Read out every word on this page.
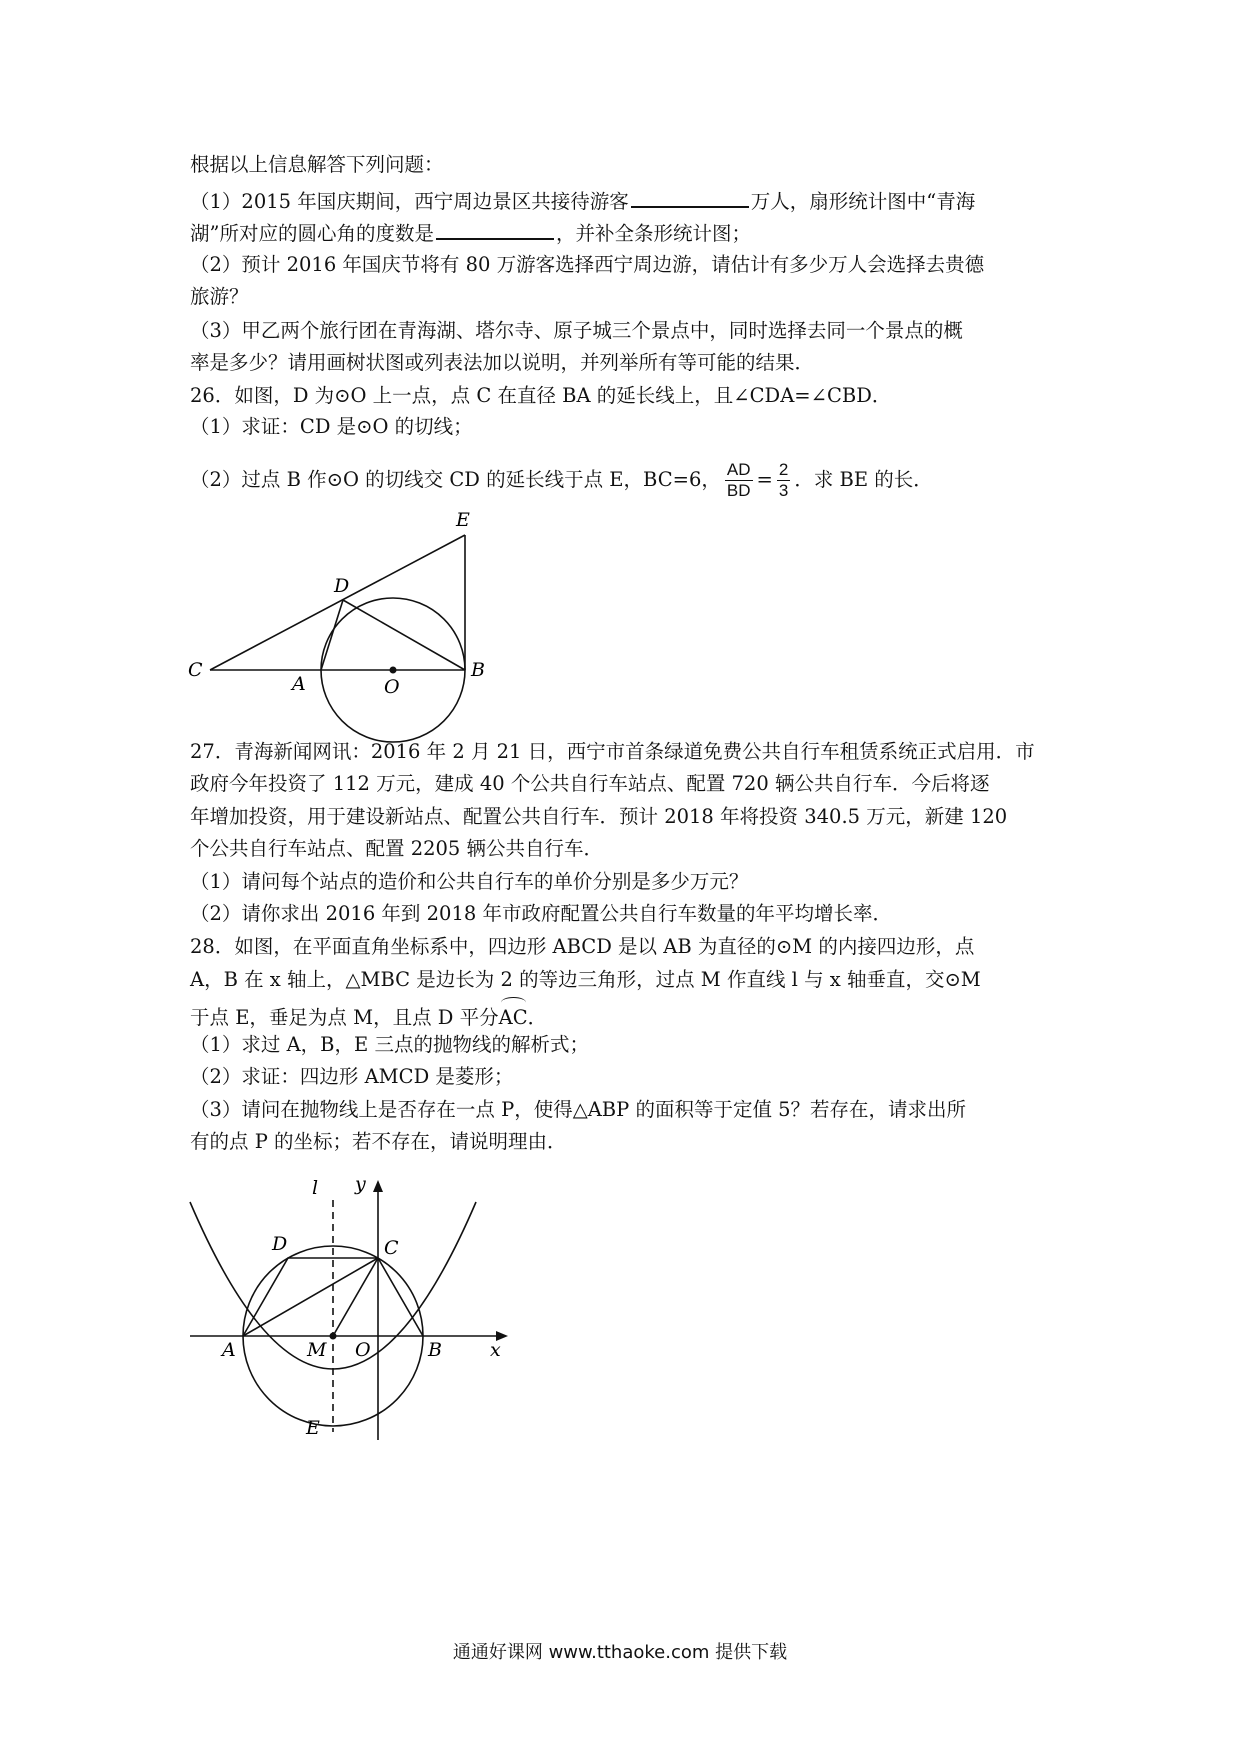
根据以上信息解答下列问题：
（1）2015 年国庆期间，西宁周边景区共接待游客	万人，扇形统计图中“青海
湖”所对应的圆心角的度数是	，并补全条形统计图；
（2）预计 2016 年国庆节将有 80 万游客选择西宁周边游，请估计有多少万人会选择去贵德
旅游？
（3）甲乙两个旅行团在青海湖、塔尔寺、原子城三个景点中，同时选择去同一个景点的概
率是多少？请用画树状图或列表法加以说明，并列举所有等可能的结果．
26．如图，D 为⊙O 上一点，点 C 在直径 BA 的延长线上，且∠CDA=∠CBD．
（1）求证：CD 是⊙O 的切线；
（2）过点 B 作⊙O 的切线交 CD 的延长线于点 E，BC=6， $\frac{AD}{BD} = \frac{2}{3}$ ．求 BE 的长．
E
D
C
A	O
B
27．青海新闻网讯：2016 年 2 月 21 日，西宁市首条绿道免费公共自行车租赁系统正式启用．市
政府今年投资了 112 万元，建成 40 个公共自行车站点、配置 720 辆公共自行车．今后将逐
年增加投资，用于建设新站点、配置公共自行车．预计 2018 年将投资 340.5 万元，新建 120
个公共自行车站点、配置 2205 辆公共自行车．
（1）请问每个站点的造价和公共自行车的单价分别是多少万元？
（2）请你求出 2016 年到 2018 年市政府配置公共自行车数量的年平均增长率．
28．如图，在平面直角坐标系中，四边形 ABCD 是以 AB 为直径的⊙M 的内接四边形，点
A，B 在 x 轴上，△MBC 是边长为 2 的等边三角形，过点 M 作直线 l 与 x 轴垂直，交⊙M
于点 E，垂足为点 M，且点 D 平分AC．
（1）求过 A，B，E 三点的抛物线的解析式；
（2）求证：四边形 AMCD 是菱形；
（3）请问在抛物线上是否存在一点 P，使得△ABP 的面积等于定值 5？若存在，请求出所
有的点 P 的坐标；若不存在，请说明理由．
l y
D	C
A	M O	B	x
E
通通好课网 www.tthaoke.com 提供下载
